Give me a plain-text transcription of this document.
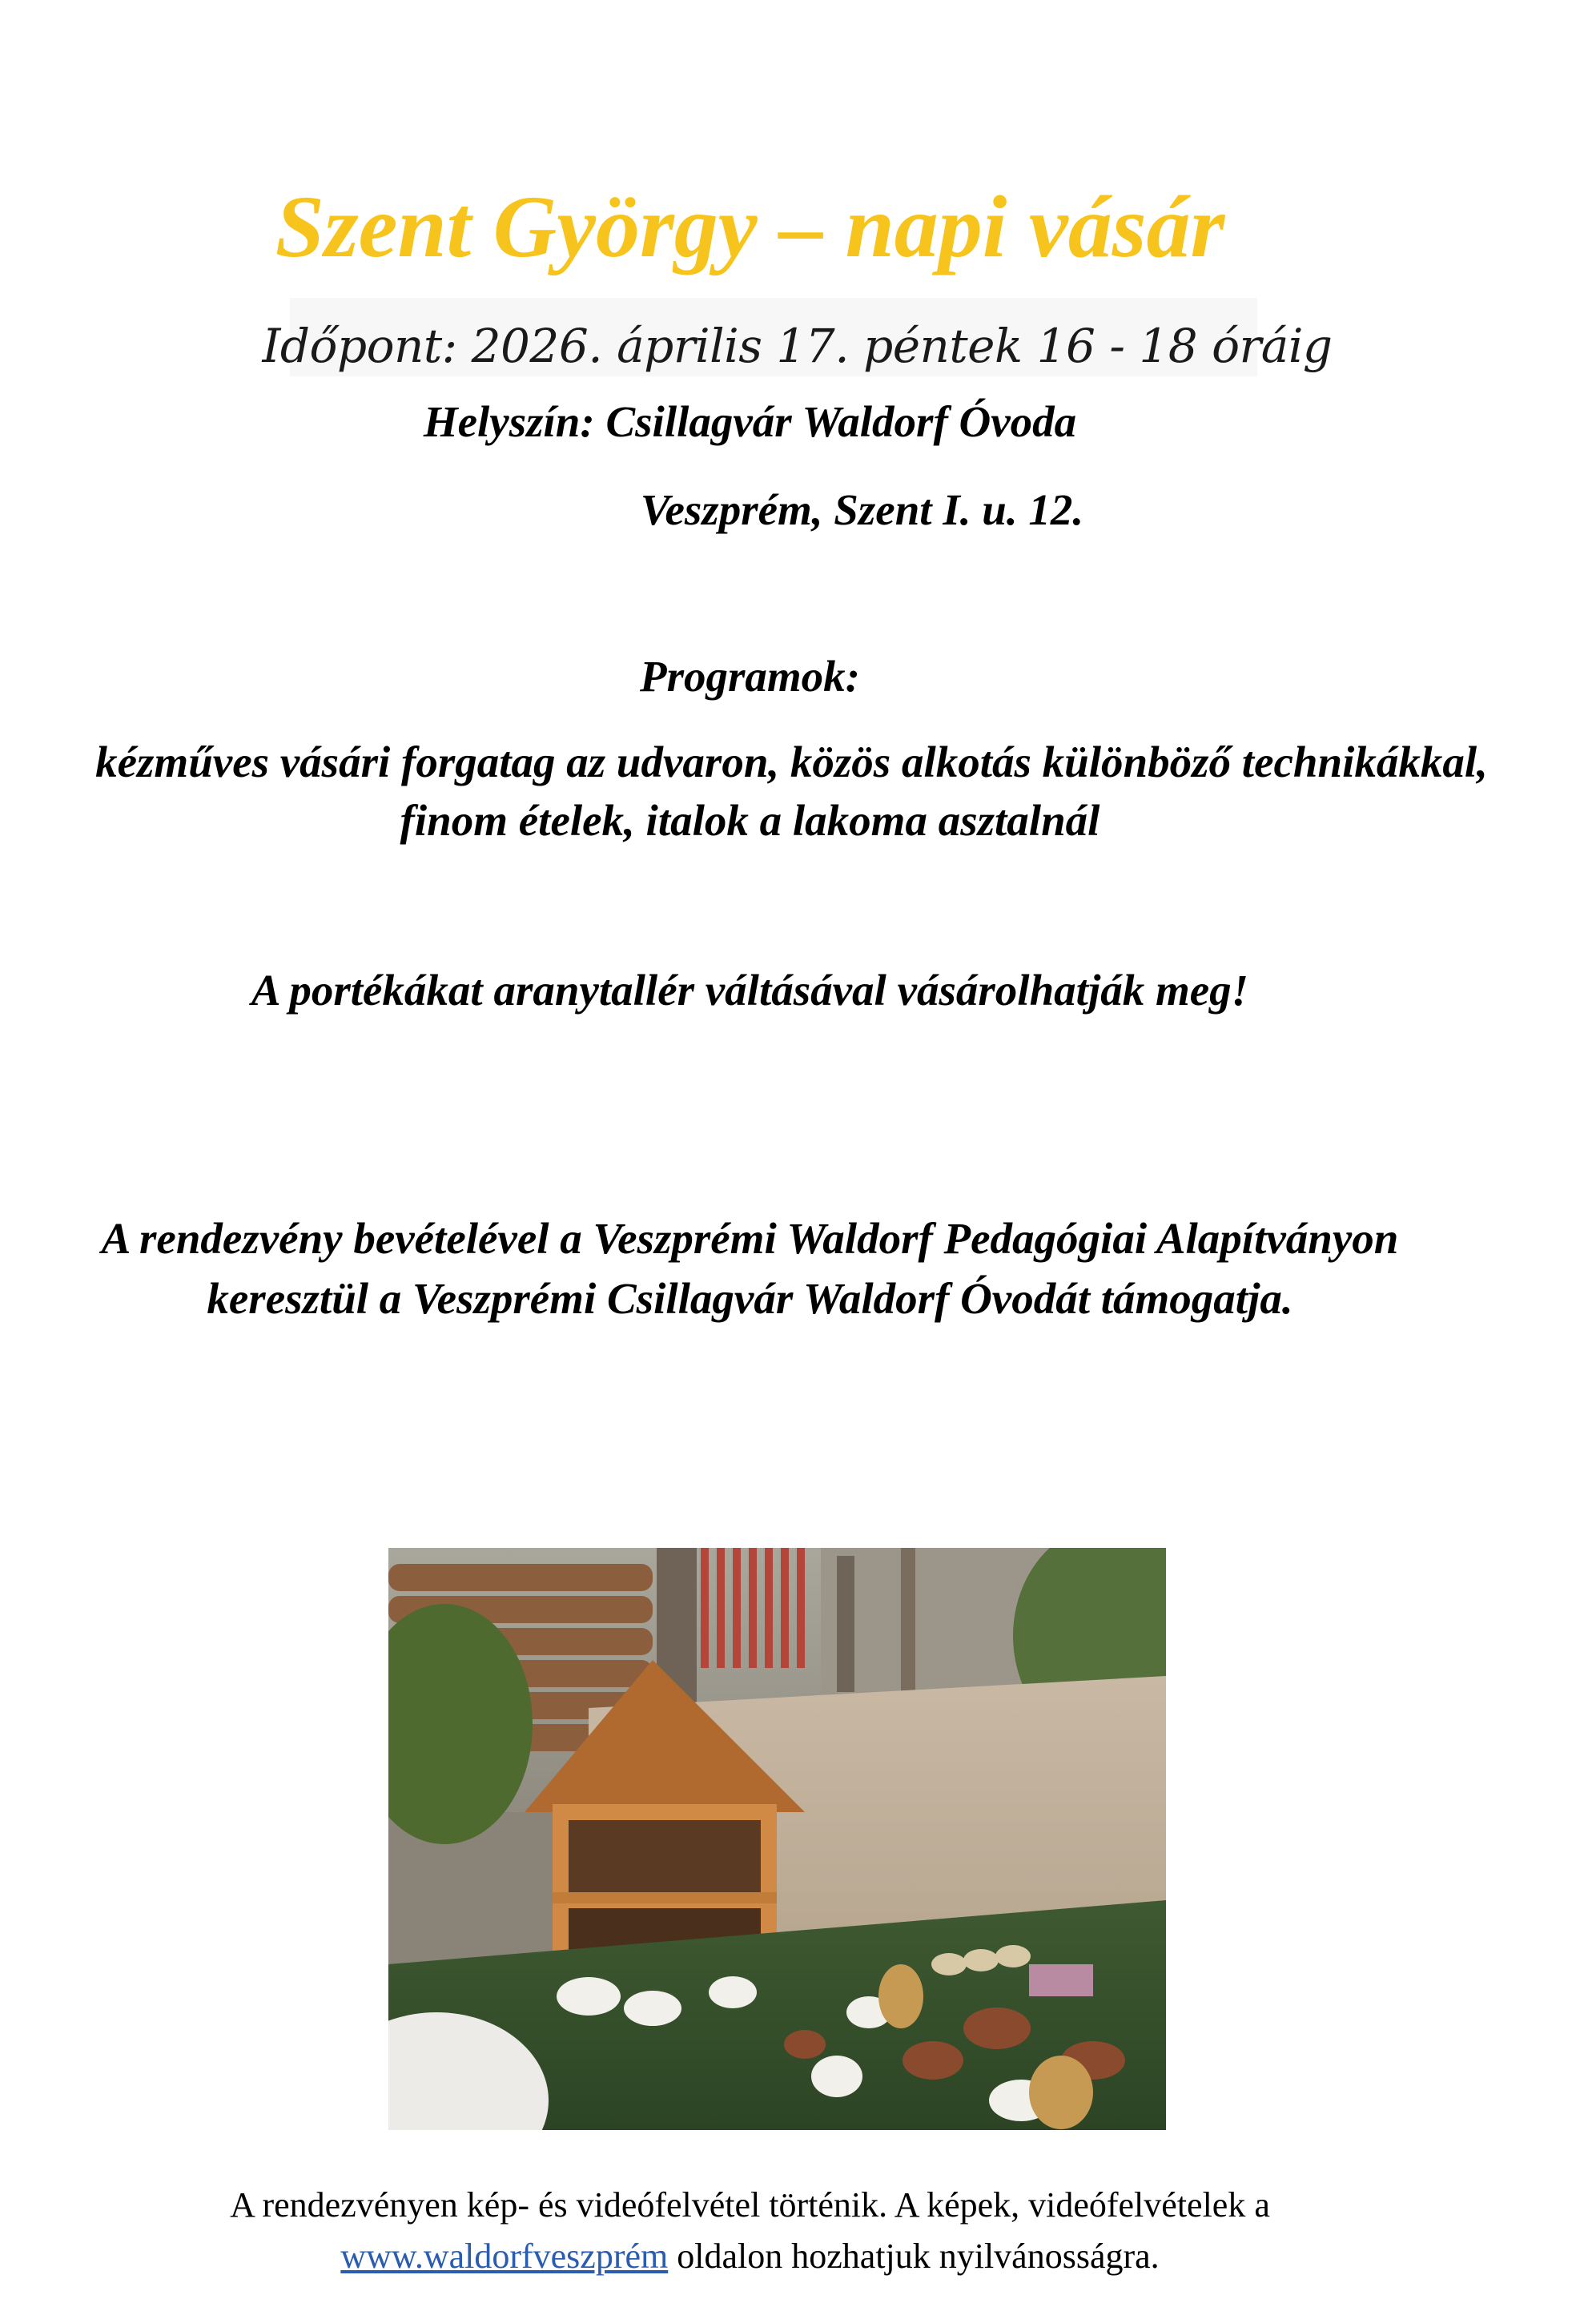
Szent György – napi vásár
Időpont: 2026. április 17. péntek 16 - 18 óráig
Helyszín: Csillagvár Waldorf Óvoda
Veszprém, Szent I. u. 12.
Programok:
kézműves vásári forgatag az udvaron, közös alkotás különböző technikákkal,
finom ételek, italok a lakoma asztalnál
A portékákat aranytallér váltásával vásárolhatják meg!
A rendezvény bevételével a Veszprémi Waldorf Pedagógiai Alapítványon
keresztül a Veszprémi Csillagvár Waldorf Óvodát támogatja.
A rendezvényen kép- és videófelvétel történik. A képek, videófelvételek a
www.waldorfveszprém oldalon hozhatjuk nyilvánosságra.
